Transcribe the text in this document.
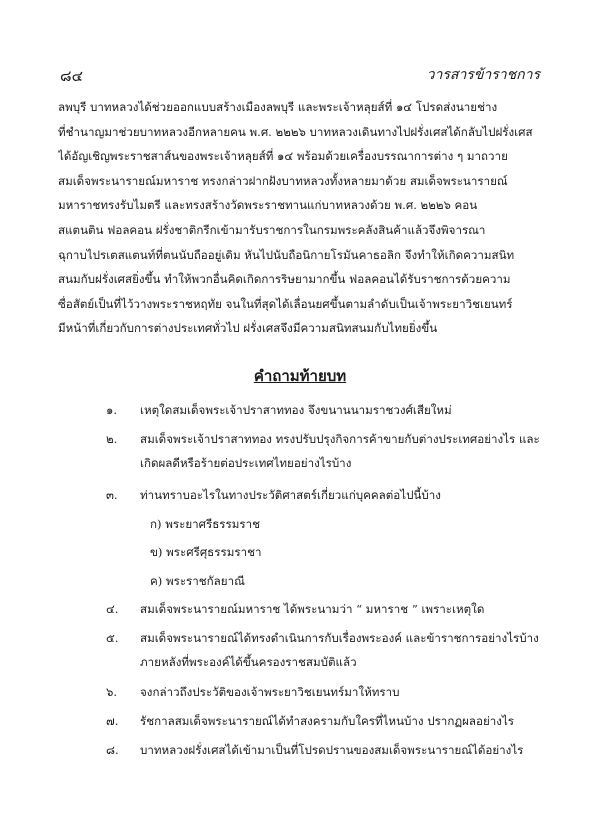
๘๔	วารสารข้าราชการ
ลพบุรี บาทหลวงได้ช่วยออกแบบสร้างเมืองลพบุรี และพระเจ้าหลุยส์ที่ ๑๔ โปรดส่งนายช่าง
ที่ชำนาญมาช่วยบาทหลวงอีกหลายคน พ.ศ. ๒๒๒๖ บาทหลวงเดินทางไปฝรั่งเศสได้กลับไปฝรั่งเศส
ได้อัญเชิญพระราชสาส์นของพระเจ้าหลุยส์ที่ ๑๔ พร้อมด้วยเครื่องบรรณาการต่าง ๆ มาถวาย
สมเด็จพระนารายณ์มหาราช ทรงกล่าวฝากฝังบาทหลวงทั้งหลายมาด้วย สมเด็จพระนารายณ์
มหาราชทรงรับไมตรี และทรงสร้างวัดพระราชทานแก่บาทหลวงด้วย พ.ศ. ๒๒๒๖ คอน
สแตนติน ฟอลคอน ฝรั่งชาติกรีกเข้ามารับราชการในกรมพระคลังสินค้าแล้วจึงพิจารณา
ฉุกาบไปรเตสแตนท์ที่ตนนับถืออยู่เดิม หันไปนับถือนิกายโรมันคาธอลิก จึงทำให้เกิดความสนิท
สนมกับฝรั่งเศสยิ่งขึ้น ทำให้พวกอื่นคิดเกิดการริษยามากขึ้น ฟอลคอนได้รับราชการด้วยความ
ซื่อสัตย์เป็นที่ไว้วางพระราชหฤทัย จนในที่สุดได้เลื่อนยศขึ้นตามลำดับเป็นเจ้าพระยาวิชเยนทร์
มีหน้าที่เกี่ยวกับการต่างประเทศทั่วไป ฝรั่งเศสจึงมีความสนิทสนมกับไทยยิ่งขึ้น
คำถามท้ายบท
๑. เหตุใดสมเด็จพระเจ้าปราสาททอง จึงขนานนามราชวงศ์เสียใหม่
๒. สมเด็จพระเจ้าปราสาททอง ทรงปรับปรุงกิจการค้าขายกับต่างประเทศอย่างไร และ
เกิดผลดีหรือร้ายต่อประเทศไทยอย่างไรบ้าง
๓. ท่านทราบอะไรในทางประวัติศาสตร์เกี่ยวแก่บุคคลต่อไปนี้บ้าง
ก) พระยาศรีธรรมราช
ข) พระศรีศุธรรมราชา
ค) พระราชกัลยาณี
๔. สมเด็จพระนารายณ์มหาราช ได้พระนามว่า “ มหาราช ” เพราะเหตุใด
๕. สมเด็จพระนารายณ์ได้ทรงดำเนินการกับเรื่องพระองค์ และข้าราชการอย่างไรบ้าง
ภายหลังที่พระองค์ได้ขึ้นครองราชสมบัติแล้ว
๖. จงกล่าวถึงประวัติของเจ้าพระยาวิชเยนทร์มาให้ทราบ
๗. รัชกาลสมเด็จพระนารายณ์ได้ทำสงครามกับใครที่ไหนบ้าง ปรากฏผลอย่างไร
๘. บาทหลวงฝรั่งเศสได้เข้ามาเป็นที่โปรดปรานของสมเด็จพระนารายณ์ได้อย่างไร
